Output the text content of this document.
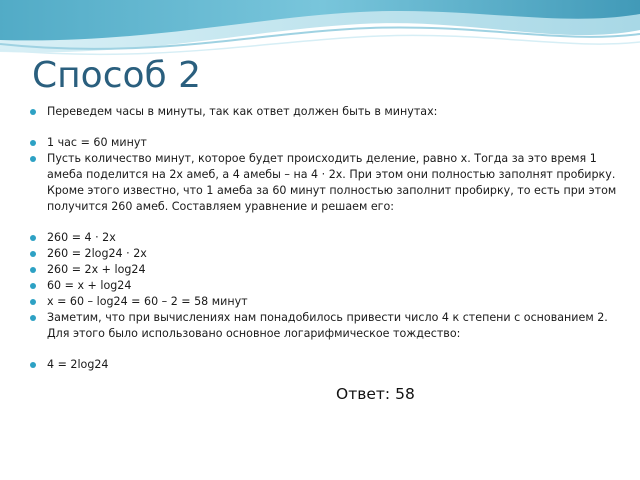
Способ 2
Переведем часы в минуты, так как ответ должен быть в минутах:
1 час = 60 минут
Пусть количество минут, которое будет происходить деление, равно x. Тогда за это время 1 амеба поделится на 2x амеб, а 4 амебы – на 4 · 2x. При этом они полностью заполнят пробирку. Кроме этого известно, что 1 амеба за 60 минут полностью заполнит пробирку, то есть при этом получится 260 амеб. Составляем уравнение и решаем его:
260 = 4 · 2x
260 = 2log24 · 2x
260 = 2x + log24
60 = x + log24
x = 60 – log24 = 60 – 2 = 58 минут
Заметим, что при вычислениях нам понадобилось привести число 4 к степени с основанием 2. Для этого было использовано основное логарифмическое тождество:
4 = 2log24
Ответ: 58
